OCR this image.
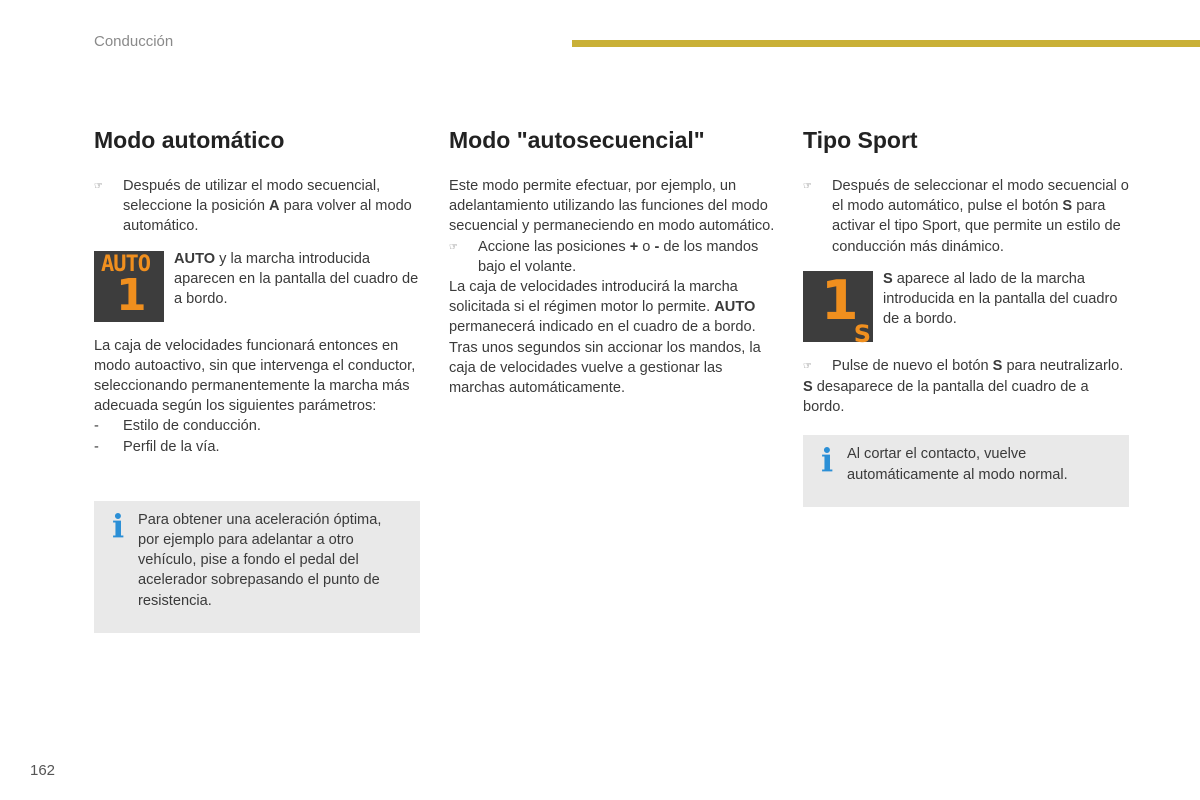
Conducción
Modo automático
☞	Después de utilizar el modo secuencial, seleccione la posición A para volver al modo automático.

AUTO
1

AUTO y la marcha introducida aparecen en la pantalla del cuadro de a bordo.

La caja de velocidades funcionará entonces en modo autoactivo, sin que intervenga el conductor, seleccionando permanentemente la marcha más adecuada según los siguientes parámetros:

-	Estilo de conducción.
-	Perfil de la vía.
i Para obtener una aceleración óptima, por ejemplo para adelantar a otro vehículo, pise a fondo el pedal del acelerador sobrepasando el punto de resistencia.

Modo "autosecuencial"

Este modo permite efectuar, por ejemplo, un adelantamiento utilizando las funciones del modo secuencial y permaneciendo en modo automático.

☞	Accione las posiciones + o - de los mandos bajo el volante.

La caja de velocidades introducirá la marcha solicitada si el régimen motor lo permite. AUTO permanecerá indicado en el cuadro de a bordo.

Tras unos segundos sin accionar los mandos, la caja de velocidades vuelve a gestionar las marchas automáticamente.

Tipo Sport
☞	Después de seleccionar el modo secuencial o el modo automático, pulse el botón S para activar el tipo Sport, que permite un estilo de conducción más dinámico.

1
S

S aparece al lado de la marcha introducida en la pantalla del cuadro de a bordo.

☞	Pulse de nuevo el botón S para neutralizarlo.

S desaparece de la pantalla del cuadro de a bordo.

i Al cortar el contacto, vuelve automáticamente al modo normal.

162
